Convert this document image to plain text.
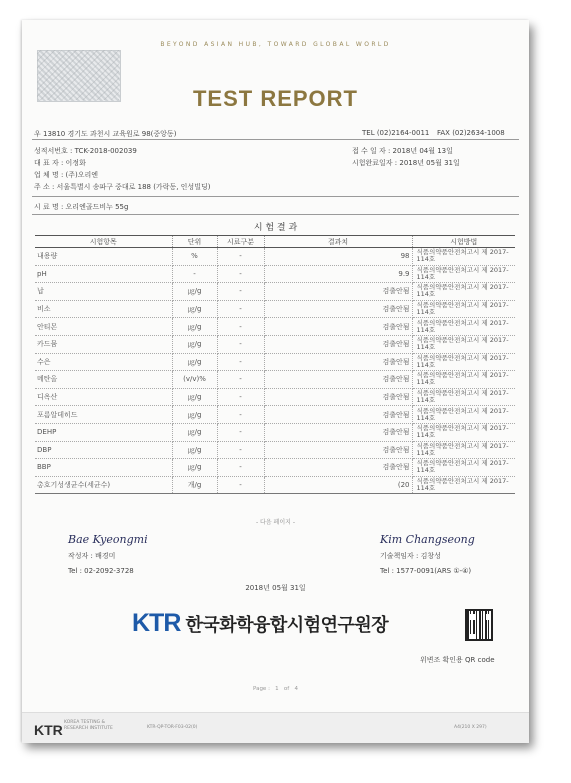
BEYOND ASIAN HUB, TOWARD GLOBAL WORLD
TEST REPORT
우 13810 경기도 과천시 교육원로 98(중앙동)	TEL (02)2164-0011 FAX (02)2634-1008
성적서번호 : TCK-2018-002039
대 표 자 : 이정화
업 체 명 : (주)오리엔
주 소 : 서울특별시 송파구 중대로 188 (가락동, 인성빌딩)
접 수 일 자 : 2018년 04월 13일
시험완료일자 : 2018년 05월 31일
시 료 명 : 오리엔골드비누 55g
시 험 결 과
시험항목	단위	시료구분	결과치	시험방법
내용량	%	-	98	식품의약품안전처고시 제 2017-114호
pH	-	-	9.9	식품의약품안전처고시 제 2017-114호
납	㎍/g	-	검출안됨	식품의약품안전처고시 제 2017-114호
비소	㎍/g	-	검출안됨	식품의약품안전처고시 제 2017-114호
안티몬	㎍/g	-	검출안됨	식품의약품안전처고시 제 2017-114호
카드뮴	㎍/g	-	검출안됨	식품의약품안전처고시 제 2017-114호
수은	㎍/g	-	검출안됨	식품의약품안전처고시 제 2017-114호
메탄올	(v/v)%	-	검출안됨	식품의약품안전처고시 제 2017-114호
디옥산	㎍/g	-	검출안됨	식품의약품안전처고시 제 2017-114호
포름알데히드	㎍/g	-	검출안됨	식품의약품안전처고시 제 2017-114호
DEHP	㎍/g	-	검출안됨	식품의약품안전처고시 제 2017-114호
DBP	㎍/g	-	검출안됨	식품의약품안전처고시 제 2017-114호
BBP	㎍/g	-	검출안됨	식품의약품안전처고시 제 2017-114호
총호기성생균수(세균수)	개/g	-	(20	식품의약품안전처고시 제 2017-114호
- 다음 페이지 -
Bae Kyeongmi
작성자 : 배경미
Tel : 02-2092-3728
Kim Changseong
기술책임자 : 김창성
Tel : 1577-0091(ARS ①-④)
2018년 05월 31일
KTR 한국화학융합시험연구원장
위변조 확인용 QR code
Page : 1 of 4
KTR KOREA TESTING &
RESEARCH INSTITUTE	KTR-QP-TOR-F03-02(0)	A4(210 X 297)
